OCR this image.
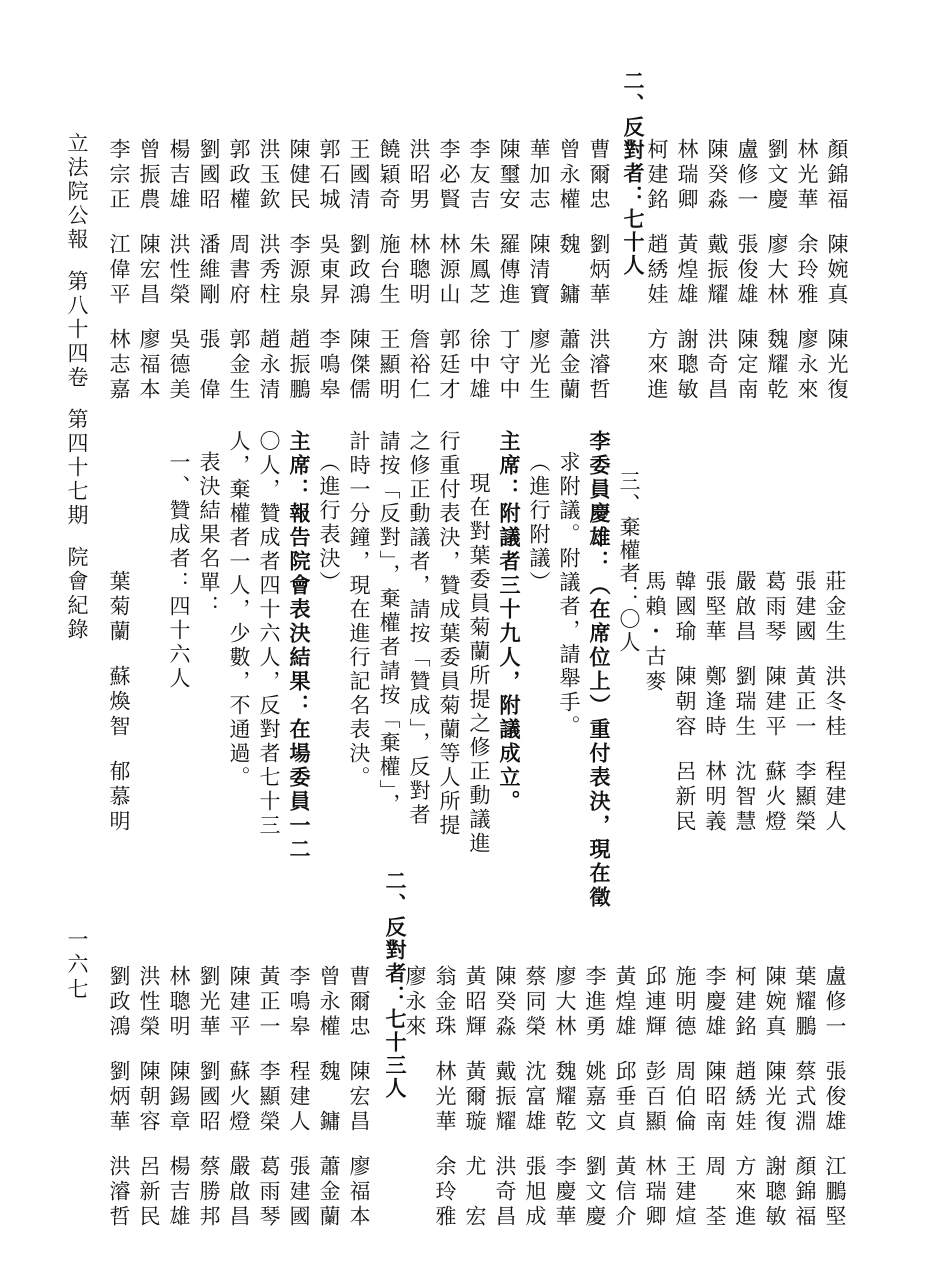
立法院公報第八十四卷第四十七期院會紀錄
一六七
莊金生洪冬桂程建人
張建國黃正一李顯榮
葛雨琴陳建平蘇火燈
嚴啟昌劉瑞生沈智慧
張堅華鄭逢時林明義
韓國瑜陳朝容呂新民
馬賴・古麥
三、棄權者：〇人
李委員慶雄：（在席位上）重付表決，現在徵
求附議。附議者，請舉手。
（進行附議）
主席：附議者三十九人，附議成立。
現在對葉委員菊蘭所提之修正動議進
行重付表決，贊成葉委員菊蘭等人所提
之修正動議者，請按「贊成」，反對者
請按「反對」，棄權者請按「棄權」，
計時一分鐘，現在進行記名表決。
（進行表決）
主席：報告院會表決結果：在場委員一二
〇人，贊成者四十六人，反對者七十三
人，棄權者一人，少數，不通過。
表決結果名單：
一、贊成者：四十六人
葉菊蘭蘇煥智郁慕明
二、反對者：七十人	顏錦福陳婉真陳光復
林光華余玲雅廖永來
劉文慶廖大林魏耀乾
盧修一張俊雄陳定南
陳癸淼戴振耀洪奇昌
林瑞卿黃煌雄謝聰敏
柯建銘趙綉娃方來進
曹爾忠劉炳華洪濬哲
曾永權魏　鏞蕭金蘭
華加志陳清寶廖光生
陳璽安羅傳進丁守中
李友吉朱鳳芝徐中雄
李必賢林源山郭廷才
洪昭男林聰明詹裕仁
饒穎奇施台生王顯明
王國清劉政鴻陳傑儒
郭石城吳東昇李鳴皋
陳健民李源泉趙振鵬
洪玉欽洪秀柱趙永清
郭政權周書府郭金生
劉國昭潘維剛張　偉
楊吉雄洪性榮吳德美
曾振農陳宏昌廖福本
李宗正江偉平林志嘉
盧修一張俊雄江鵬堅
葉耀鵬蔡式淵顏錦福
陳婉真陳光復謝聰敏
柯建銘趙綉娃方來進
李慶雄陳昭南周　荃
施明德周伯倫王建煊
邱連輝彭百顯林瑞卿
黃煌雄邱垂貞黃信介
李進勇姚嘉文劉文慶
廖大林魏耀乾李慶華
蔡同榮沈富雄張旭成
陳癸淼戴振耀洪奇昌
黃昭輝黃爾璇尤　宏
翁金珠林光華余玲雅
廖永來
二、反對者：七十三人
曹爾忠陳宏昌廖福本
曾永權魏　鏞蕭金蘭
李鳴皋程建人張建國
黃正一李顯榮葛雨琴
陳建平蘇火燈嚴啟昌
劉光華劉國昭蔡勝邦
林聰明陳錫章楊吉雄
洪性榮陳朝容呂新民
劉政鴻劉炳華洪濬哲
